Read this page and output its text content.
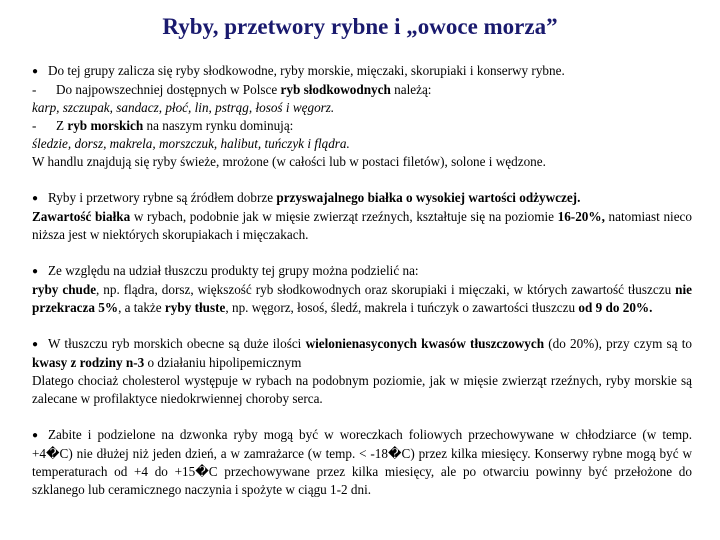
Ryby, przetwory rybne i „owoce morza”
● Do tej grupy zalicza się ryby słodkowodne, ryby morskie, mięczaki, skorupiaki i konserwy rybne.
- Do najpowszechniej dostępnych w Polsce ryb słodkowodnych należą:
karp, szczupak, sandacz, płoć, lin, pstrąg, łosoś i węgorz.
- Z ryb morskich na naszym rynku dominują:
śledzie, dorsz, makrela, morszczuk, halibut, tuńczyk i flądra.
W handlu znajdują się ryby świeże, mrożone (w całości lub w postaci filetów), solone i wędzone.
● Ryby i przetwory rybne są źródłem dobrze przyswajalnego białka o wysokiej wartości odżywczej.
Zawartość białka w rybach, podobnie jak w mięsie zwierząt rzeźnych, kształtuje się na poziomie 16-20%, natomiast nieco niższa jest w niektórych skorupiakach i mięczakach.
● Ze względu na udział tłuszczu produkty tej grupy można podzielić na:
ryby chude, np. flądra, dorsz, większość ryb słodkowodnych oraz skorupiaki i mięczaki, w których zawartość tłuszczu nie przekracza 5%, a także ryby tłuste, np. węgorz, łosoś, śledź, makrela i tuńczyk o zawartości tłuszczu od 9 do 20%.
● W tłuszczu ryb morskich obecne są duże ilości wielonienasyconych kwasów tłuszczowych (do 20%), przy czym są to kwasy z rodziny n-3 o działaniu hipolipemicznym
Dlatego chociaż cholesterol występuje w rybach na podobnym poziomie, jak w mięsie zwierząt rzeźnych, ryby morskie są zalecane w profilaktyce niedokrwiennej choroby serca.
● Zabite i podzielone na dzwonka ryby mogą być w woreczkach foliowych przechowywane w chłodziarce (w temp. +4�C) nie dłużej niż jeden dzień, a w zamrażarce (w temp. < -18�C) przez kilka miesięcy. Konserwy rybne mogą być w temperaturach od +4 do +15�C przechowywane przez kilka miesięcy, ale po otwarciu powinny być przełożone do szklanego lub ceramicznego naczynia i spożyte w ciągu 1-2 dni.
